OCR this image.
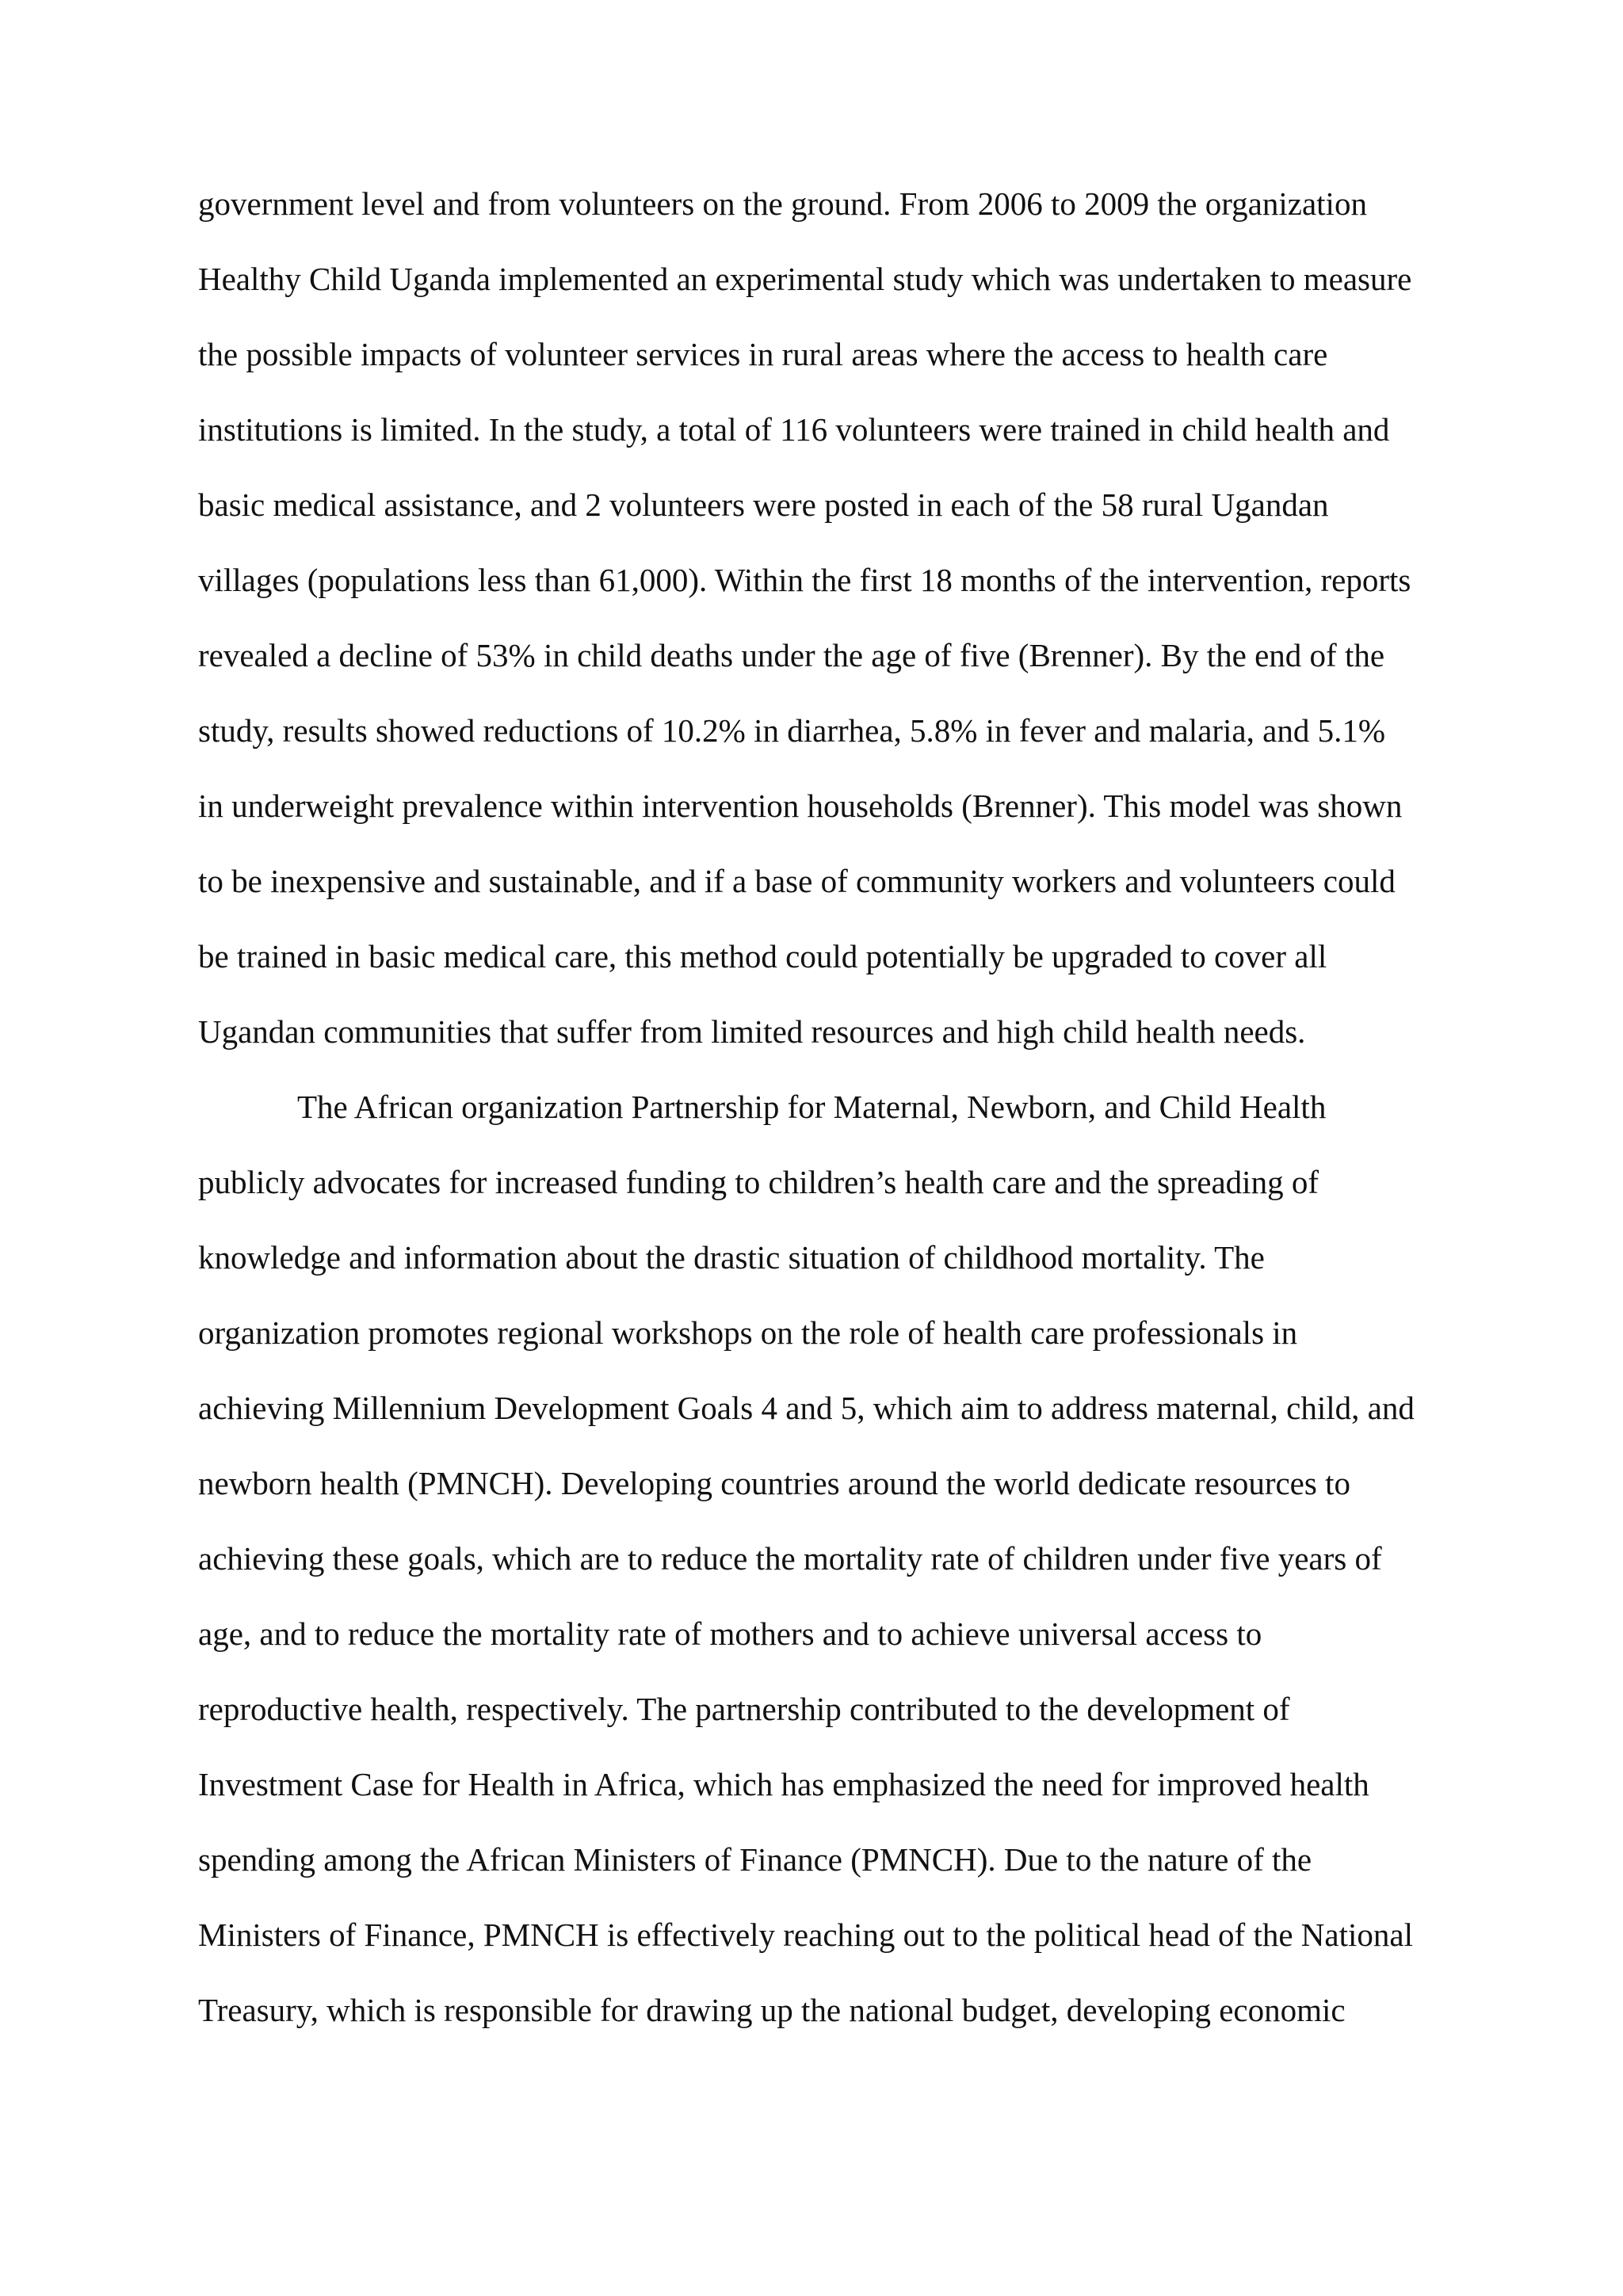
government level and from volunteers on the ground. From 2006 to 2009 the organization
Healthy Child Uganda implemented an experimental study which was undertaken to measure
the possible impacts of volunteer services in rural areas where the access to health care
institutions is limited. In the study, a total of 116 volunteers were trained in child health and
basic medical assistance, and 2 volunteers were posted in each of the 58 rural Ugandan
villages (populations less than 61,000). Within the first 18 months of the intervention, reports
revealed a decline of 53% in child deaths under the age of five (Brenner). By the end of the
study, results showed reductions of 10.2% in diarrhea, 5.8% in fever and malaria, and 5.1%
in underweight prevalence within intervention households (Brenner). This model was shown
to be inexpensive and sustainable, and if a base of community workers and volunteers could
be trained in basic medical care, this method could potentially be upgraded to cover all
Ugandan communities that suffer from limited resources and high child health needs.
The African organization Partnership for Maternal, Newborn, and Child Health
publicly advocates for increased funding to children’s health care and the spreading of
knowledge and information about the drastic situation of childhood mortality. The
organization promotes regional workshops on the role of health care professionals in
achieving Millennium Development Goals 4 and 5, which aim to address maternal, child, and
newborn health (PMNCH). Developing countries around the world dedicate resources to
achieving these goals, which are to reduce the mortality rate of children under five years of
age, and to reduce the mortality rate of mothers and to achieve universal access to
reproductive health, respectively. The partnership contributed to the development of
Investment Case for Health in Africa, which has emphasized the need for improved health
spending among the African Ministers of Finance (PMNCH). Due to the nature of the
Ministers of Finance, PMNCH is effectively reaching out to the political head of the National
Treasury, which is responsible for drawing up the national budget, developing economic
